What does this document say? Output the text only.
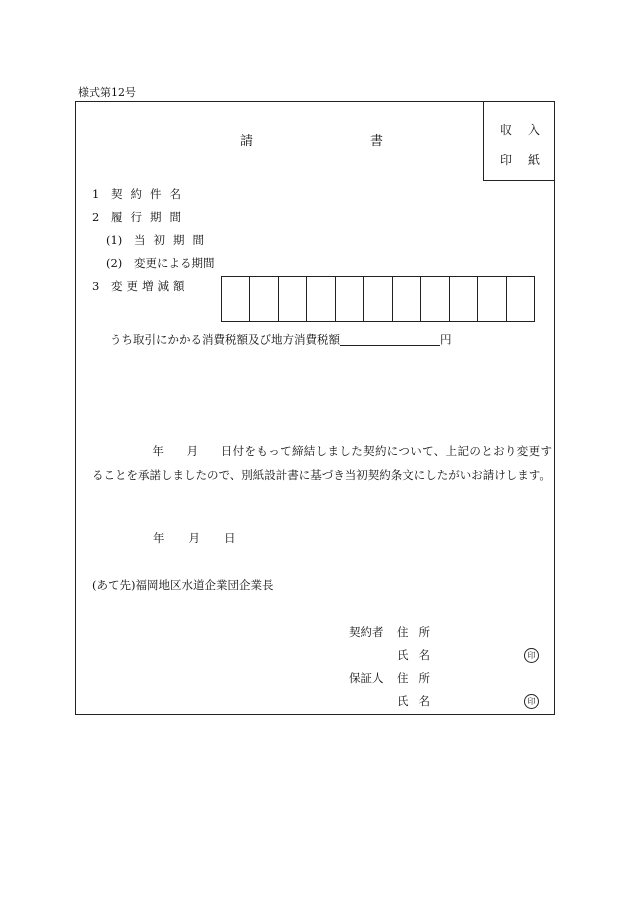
様式第12号
収入
印紙
請	書
1 契約件名
2 履行期間
(1) 当初期間
(2) 変更による期間
3 変更増減額
うち取引にかかる消費税額及び地方消費税額	円
年 月 日付をもって締結しました契約について、上記のとおり変更することを承諾しましたので、別紙設計書に基づき当初契約条文にしたがいお請けします。
年 月 日
(あて先)福岡地区水道企業団企業長
契約者 住所
氏名	印
保証人 住所
氏名	印
